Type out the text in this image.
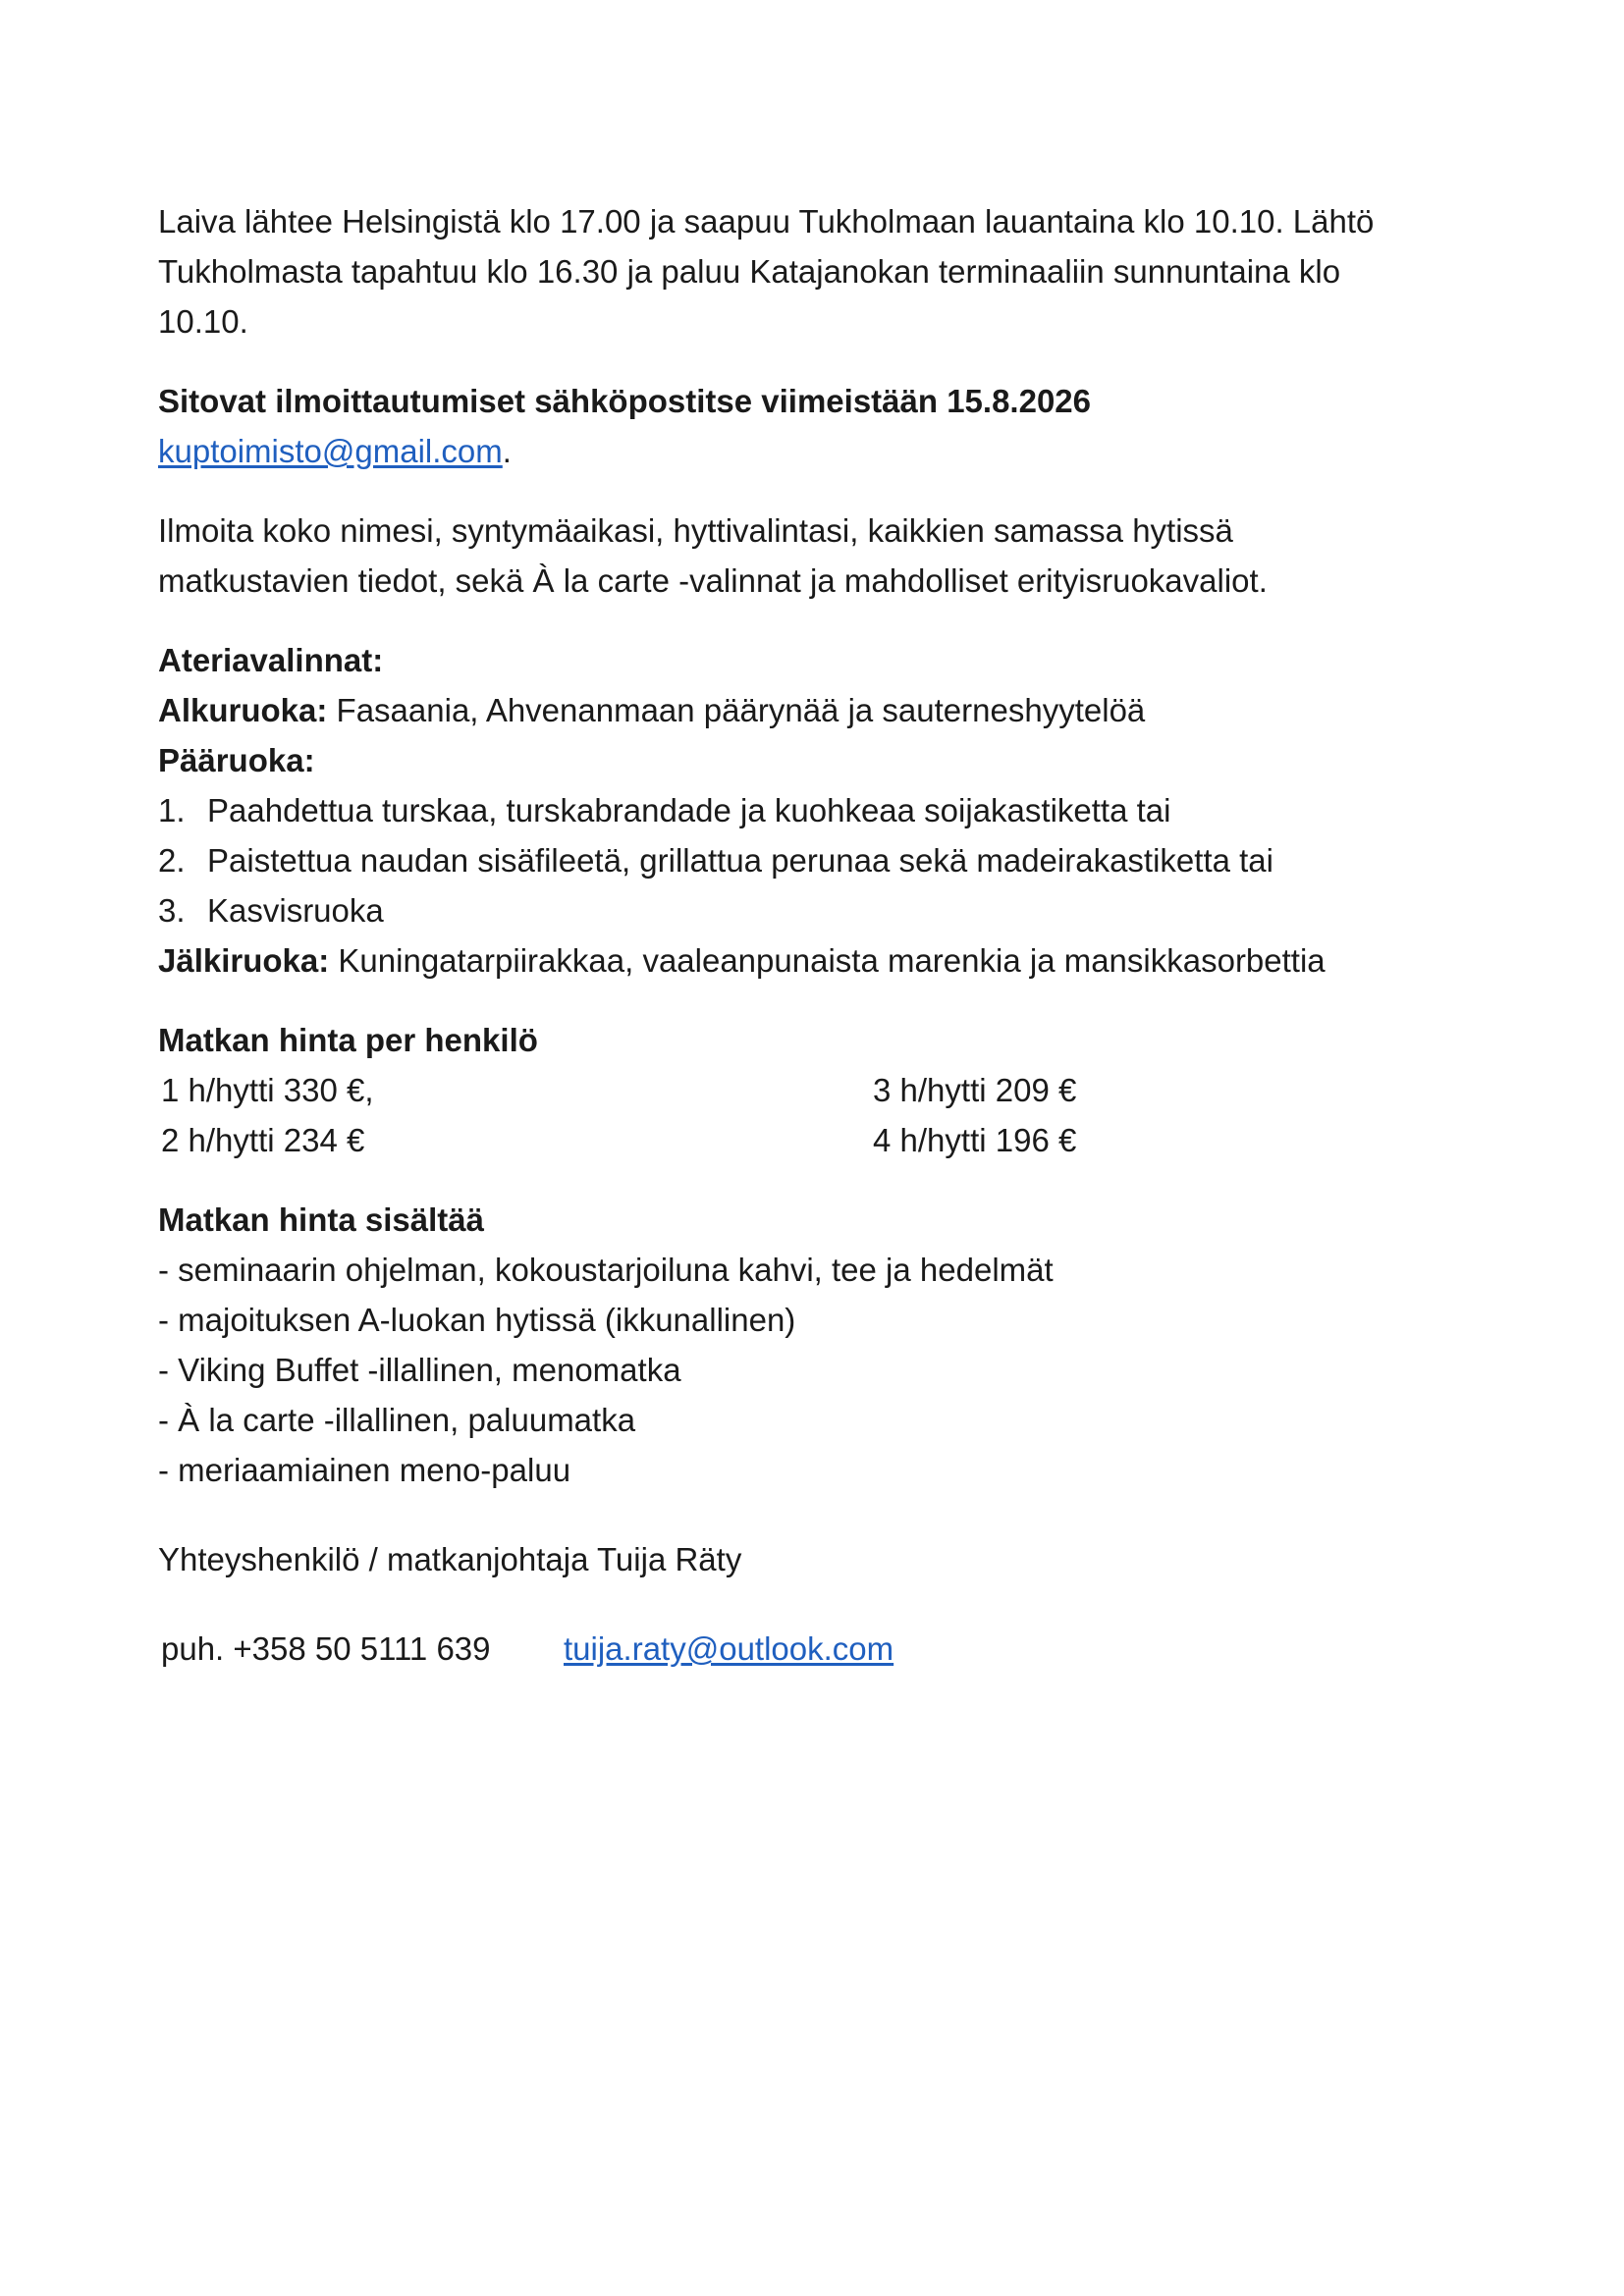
Laiva lähtee Helsingistä klo 17.00 ja saapuu Tukholmaan lauantaina klo 10.10. Lähtö

Tukholmasta tapahtuu klo 16.30 ja paluu Katajanokan terminaaliin sunnuntaina klo

10.10.

Sitovat ilmoittautumiset sähköpostitse viimeistään 15.8.2026

kuptoimisto@gmail.com.

Ilmoita koko nimesi, syntymäaikasi, hyttivalintasi, kaikkien samassa hytissä

matkustavien tiedot, sekä À la carte -valinnat ja mahdolliset erityisruokavaliot.

Ateriavalinnat:

Alkuruoka: Fasaania, Ahvenanmaan päärynää ja sauterneshyytelöä

Pääruoka:

1. Paahdettua turskaa, turskabrandade ja kuohkeaa soijakastiketta tai
2. Paistettua naudan sisäfileetä, grillattua perunaa sekä madeirakastiketta tai
3. Kasvisruoka

Jälkiruoka: Kuningatarpiirakkaa, vaaleanpunaista marenkia ja mansikkasorbettia

Matkan hinta per henkilö

1 h/hytti 330 €,	3 h/hytti 209 €
2 h/hytti 234 €	4 h/hytti 196 €

Matkan hinta sisältää

- seminaarin ohjelman, kokoustarjoiluna kahvi, tee ja hedelmät

- majoituksen A-luokan hytissä (ikkunallinen)

- Viking Buffet -illallinen, menomatka

- À la carte -illallinen, paluumatka

- meriaamiainen meno-paluu

Yhteyshenkilö / matkanjohtaja Tuija Räty

puh. +358 50 5111 639	tuija.raty@outlook.com
